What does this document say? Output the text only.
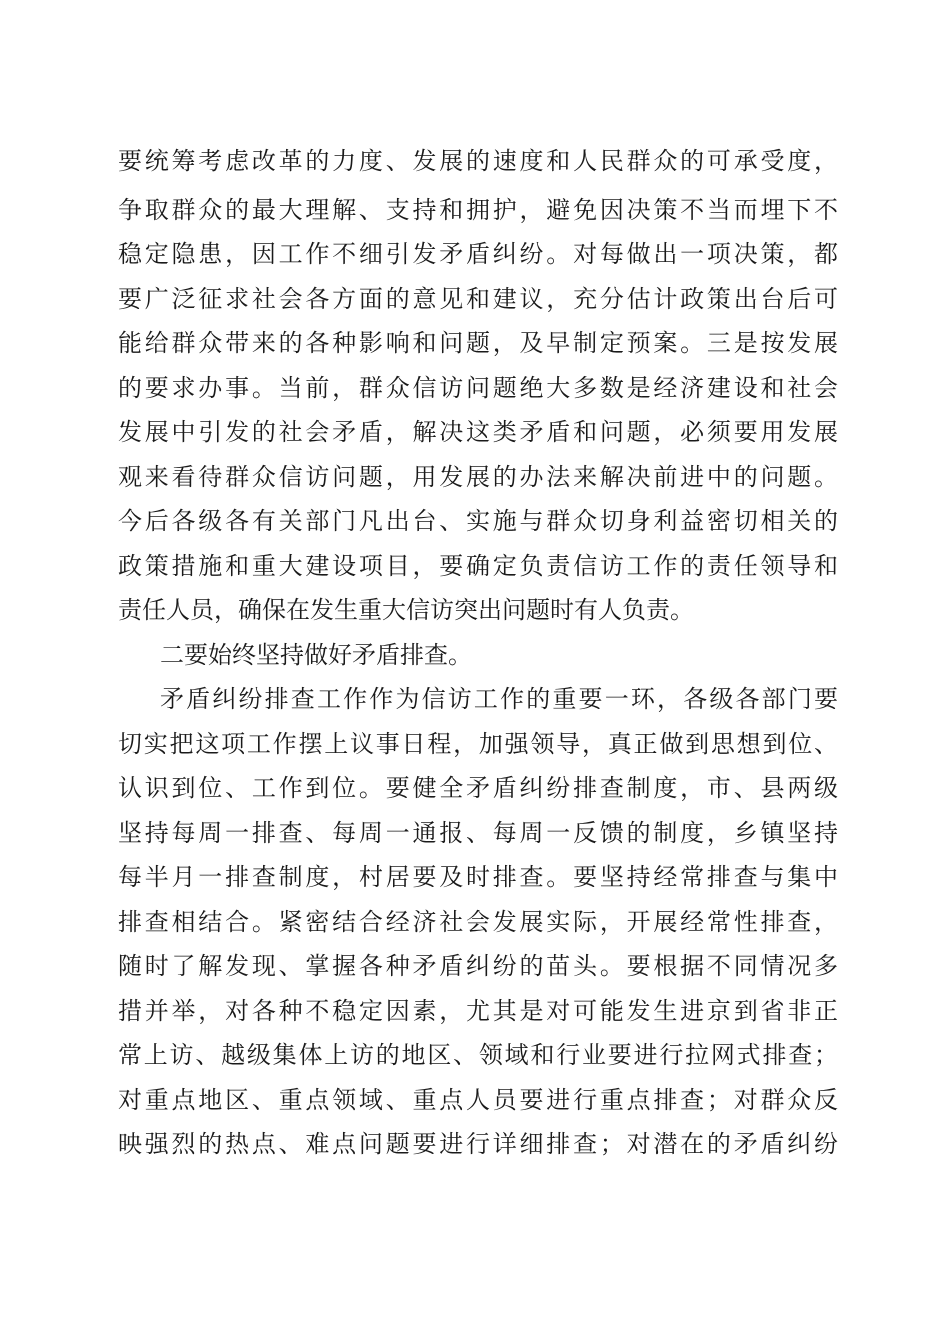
要统筹考虑改革的力度、发展的速度和人民群众的可承受度，
争取群众的最大理解、支持和拥护，避免因决策不当而埋下不
稳定隐患，因工作不细引发矛盾纠纷。对每做出一项决策，都
要广泛征求社会各方面的意见和建议，充分估计政策出台后可
能给群众带来的各种影响和问题，及早制定预案。三是按发展
的要求办事。当前，群众信访问题绝大多数是经济建设和社会
发展中引发的社会矛盾，解决这类矛盾和问题，必须要用发展
观来看待群众信访问题，用发展的办法来解决前进中的问题。
今后各级各有关部门凡出台、实施与群众切身利益密切相关的
政策措施和重大建设项目，要确定负责信访工作的责任领导和
责任人员，确保在发生重大信访突出问题时有人负责。
二要始终坚持做好矛盾排查。
矛盾纠纷排查工作作为信访工作的重要一环，各级各部门要
切实把这项工作摆上议事日程，加强领导，真正做到思想到位、
认识到位、工作到位。要健全矛盾纠纷排查制度，市、县两级
坚持每周一排查、每周一通报、每周一反馈的制度，乡镇坚持
每半月一排查制度，村居要及时排查。要坚持经常排查与集中
排查相结合。紧密结合经济社会发展实际，开展经常性排查，
随时了解发现、掌握各种矛盾纠纷的苗头。要根据不同情况多
措并举，对各种不稳定因素，尤其是对可能发生进京到省非正
常上访、越级集体上访的地区、领域和行业要进行拉网式排查；
对重点地区、重点领域、重点人员要进行重点排查；对群众反
映强烈的热点、难点问题要进行详细排查；对潜在的矛盾纠纷
